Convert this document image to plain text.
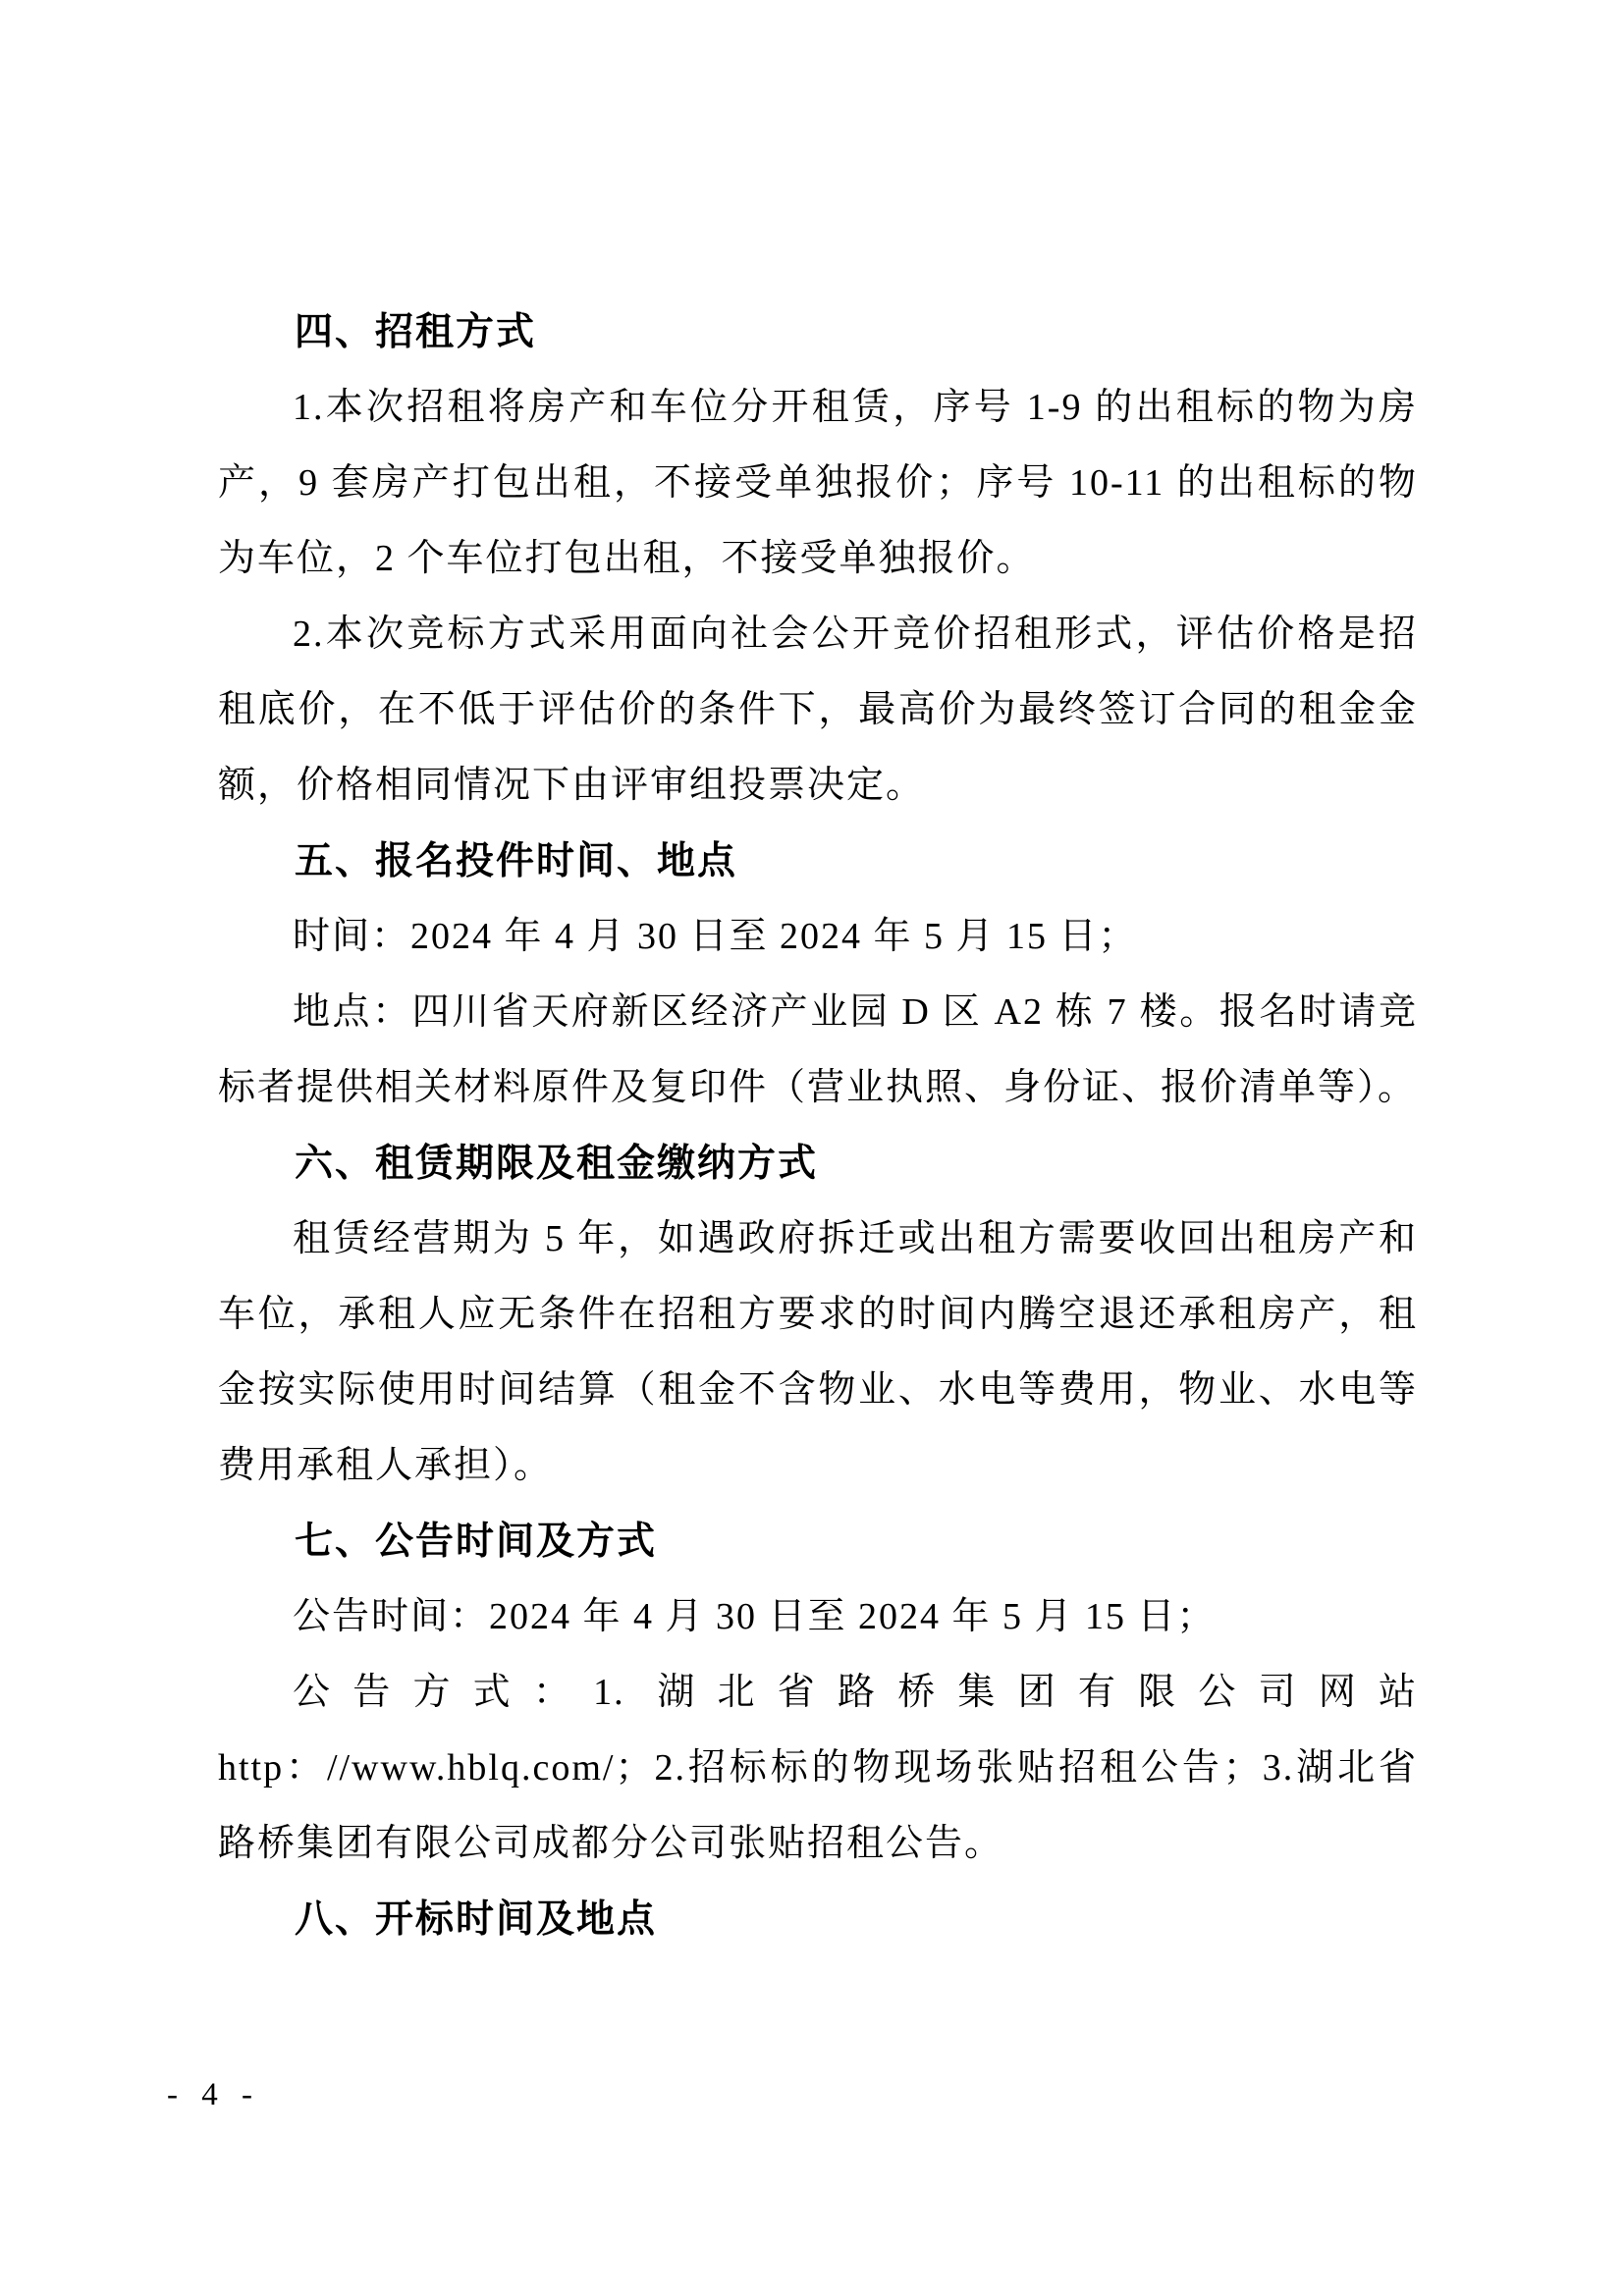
四、招租方式

1.本次招租将房产和车位分开租赁，序号 1-9 的出租标的物为房产，9 套房产打包出租，不接受单独报价；序号 10-11 的出租标的物为车位，2 个车位打包出租，不接受单独报价。

2.本次竞标方式采用面向社会公开竞价招租形式，评估价格是招租底价，在不低于评估价的条件下，最高价为最终签订合同的租金金额，价格相同情况下由评审组投票决定。

五、报名投件时间、地点

时间：2024 年 4 月 30 日至 2024 年 5 月 15 日；

地点：四川省天府新区经济产业园 D 区 A2 栋 7 楼。报名时请竞标者提供相关材料原件及复印件（营业执照、身份证、报价清单等）。

六、租赁期限及租金缴纳方式

租赁经营期为 5 年，如遇政府拆迁或出租方需要收回出租房产和车位，承租人应无条件在招租方要求的时间内腾空退还承租房产，租金按实际使用时间结算（租金不含物业、水电等费用，物业、水电等费用承租人承担）。

七、公告时间及方式

公告时间：2024 年 4 月 30 日至 2024 年 5 月 15 日；

公告方式：1. 湖北省路桥集团有限公司网站 http：//www.hblq.com/；2.招标标的物现场张贴招租公告；3.湖北省路桥集团有限公司成都分公司张贴招租公告。

八、开标时间及地点
- 4 -
